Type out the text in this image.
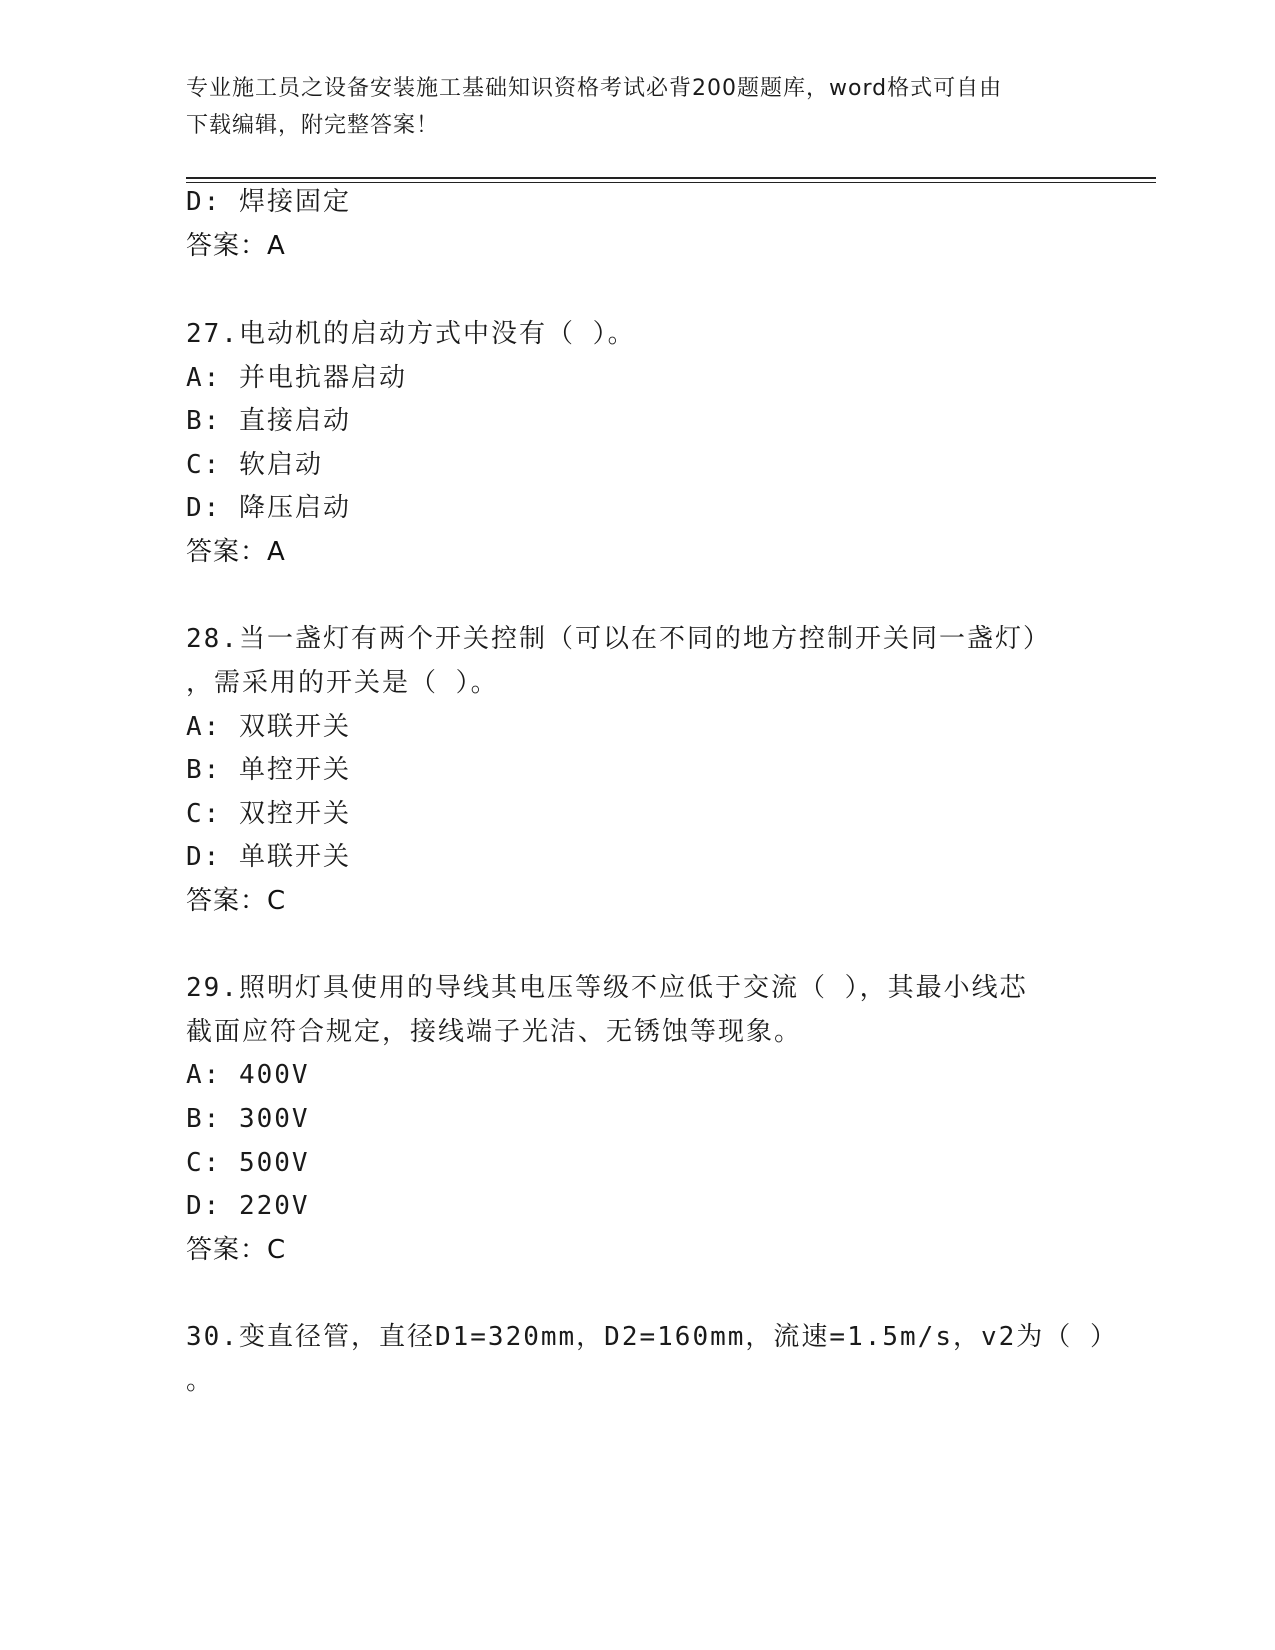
专业施工员之设备安装施工基础知识资格考试必背200题题库，word格式可自由
下载编辑，附完整答案！
D: 焊接固定
答案：A
27.电动机的启动方式中没有（ ）。
A: 并电抗器启动
B: 直接启动
C: 软启动
D: 降压启动
答案：A
28.当一盏灯有两个开关控制（可以在不同的地方控制开关同一盏灯）
，需采用的开关是（ ）。
A: 双联开关
B: 单控开关
C: 双控开关
D: 单联开关
答案：C
29.照明灯具使用的导线其电压等级不应低于交流（ ），其最小线芯
截面应符合规定，接线端子光洁、无锈蚀等现象。
A: 400V
B: 300V
C: 500V
D: 220V
答案：C
30.变直径管，直径D1=320mm，D2=160mm，流速=1.5m/s，v2为（ ）
。
